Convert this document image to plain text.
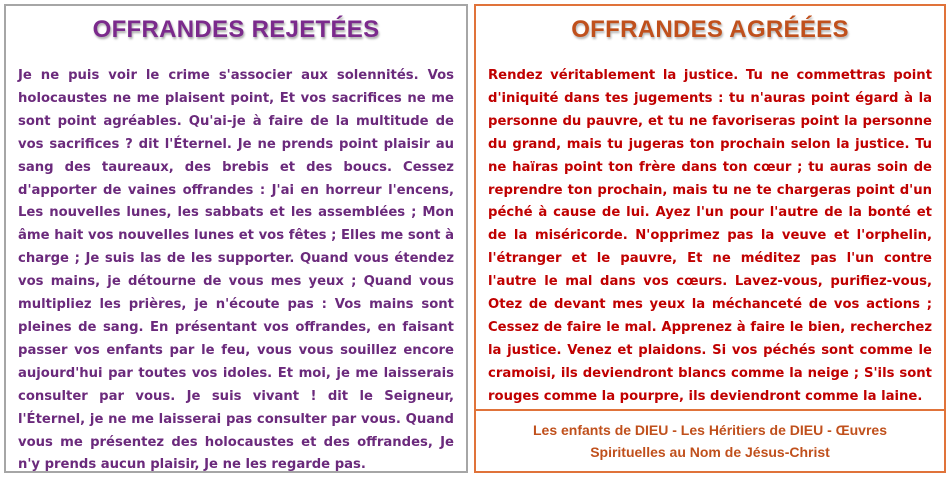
OFFRANDES REJETÉES

Je ne puis voir le crime s'associer aux solennités. Vos holocaustes ne me plaisent point, Et vos sacrifices ne me sont point agréables. Qu'ai-je à faire de la multitude de vos sacrifices ? dit l'Éternel. Je ne prends point plaisir au sang des taureaux, des brebis et des boucs. Cessez d'apporter de vaines offrandes : J'ai en horreur l'encens, Les nouvelles lunes, les sabbats et les assemblées ; Mon âme hait vos nouvelles lunes et vos fêtes ; Elles me sont à charge ; Je suis las de les supporter. Quand vous étendez vos mains, je détourne de vous mes yeux ; Quand vous multipliez les prières, je n'écoute pas : Vos mains sont pleines de sang. En présentant vos offrandes, en faisant passer vos enfants par le feu, vous vous souillez encore aujourd'hui par toutes vos idoles. Et moi, je me laisserais consulter par vous. Je suis vivant ! dit le Seigneur, l'Éternel, je ne me laisserai pas consulter par vous. Quand vous me présentez des holocaustes et des offrandes, Je n'y prends aucun plaisir, Je ne les regarde pas.

OFFRANDES AGRÉÉES

Rendez véritablement la justice. Tu ne commettras point d'iniquité dans tes jugements : tu n'auras point égard à la personne du pauvre, et tu ne favoriseras point la personne du grand, mais tu jugeras ton prochain selon la justice. Tu ne haïras point ton frère dans ton cœur ; tu auras soin de reprendre ton prochain, mais tu ne te chargeras point d'un péché à cause de lui. Ayez l'un pour l'autre de la bonté et de la miséricorde. N'opprimez pas la veuve et l'orphelin, l'étranger et le pauvre, Et ne méditez pas l'un contre l'autre le mal dans vos cœurs. Lavez-vous, purifiez-vous, Otez de devant mes yeux la méchanceté de vos actions ; Cessez de faire le mal. Apprenez à faire le bien, recherchez la justice. Venez et plaidons. Si vos péchés sont comme le cramoisi, ils deviendront blancs comme la neige ; S'ils sont rouges comme la pourpre, ils deviendront comme la laine.

Les enfants de DIEU - Les Héritiers de DIEU - Œuvres Spirituelles au Nom de Jésus-Christ
